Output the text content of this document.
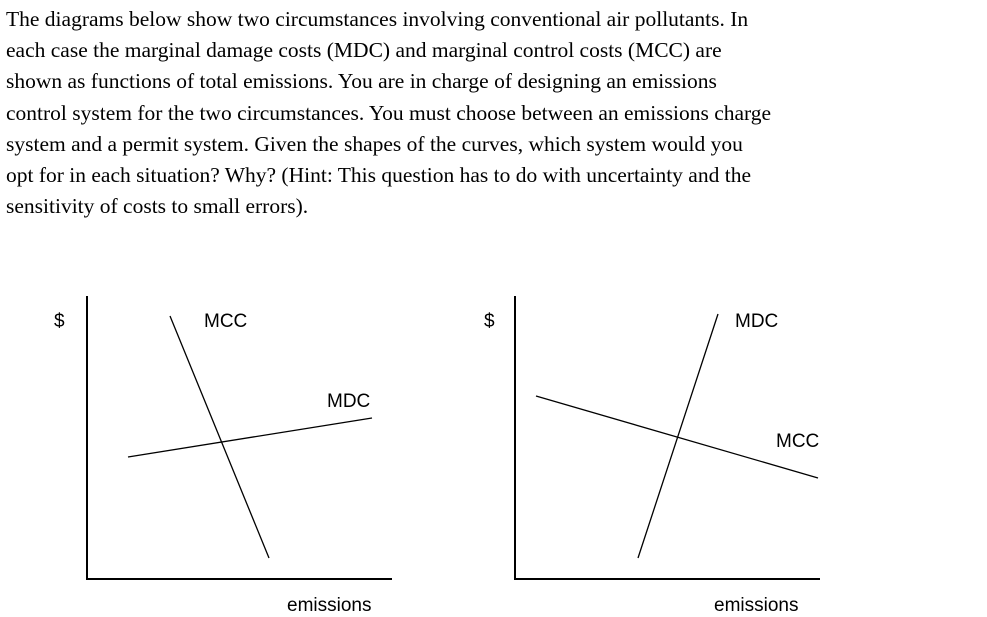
The diagrams below show two circumstances involving conventional air pollutants. In
each case the marginal damage costs (MDC) and marginal control costs (MCC) are
shown as functions of total emissions. You are in charge of designing an emissions
control system for the two circumstances. You must choose between an emissions charge
system and a permit system. Given the shapes of the curves, which system would you
opt for in each situation? Why? (Hint: This question has to do with uncertainty and the
sensitivity of costs to small errors).
$	MCC
MDC
emissions
$	MDC
MCC
emissions
